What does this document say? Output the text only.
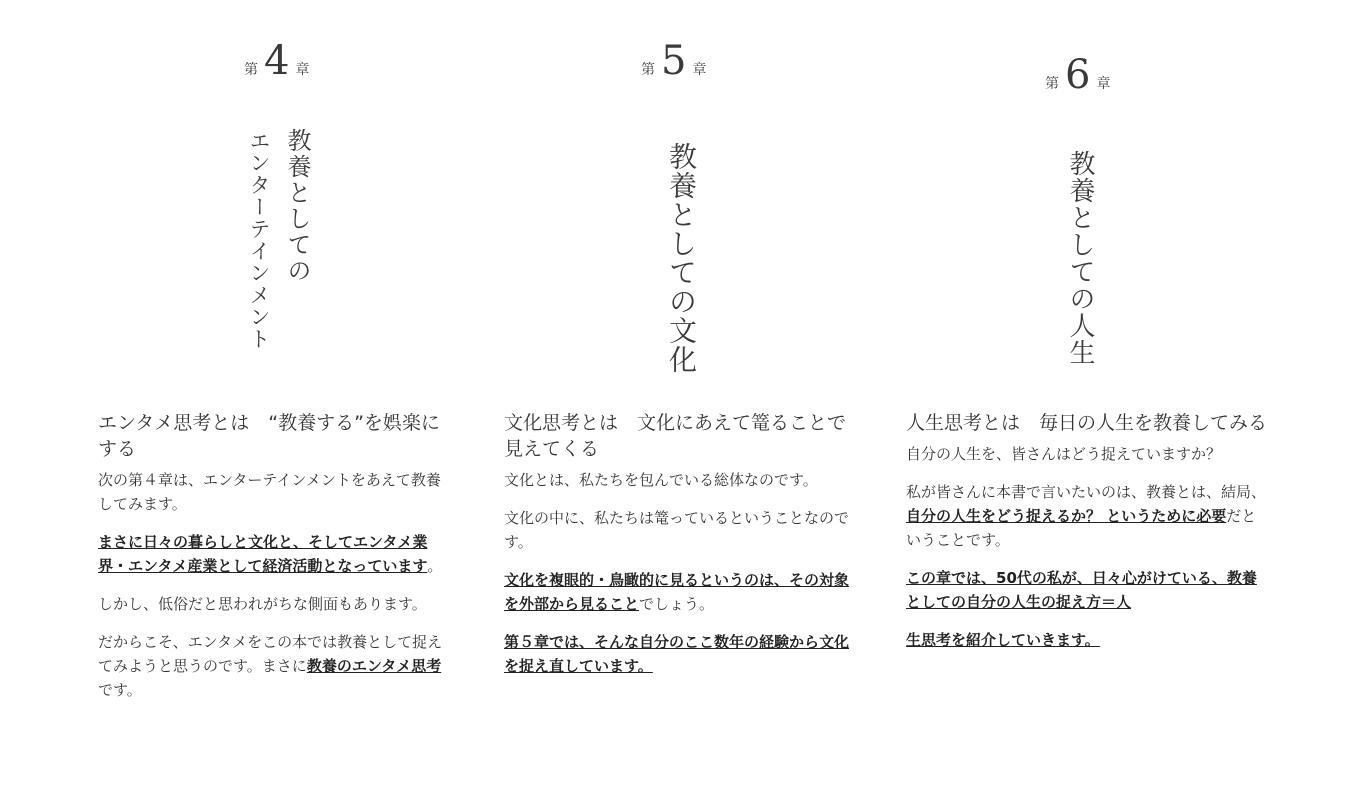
第 4 章
教養としての
エンターテインメント
エンタメ思考とは　“教養する”を娯楽にする

次の第４章は、エンターテインメントをあえて教養してみます。

まさに日々の暮らしと文化と、そしてエンタメ業界・エンタメ産業として経済活動となっています。

しかし、低俗だと思われがちな側面もあります。

だからこそ、エンタメをこの本では教養として捉えてみようと思うのです。まさに教養のエンタメ思考です。

第 5 章
教養としての文化
文化思考とは　文化にあえて篭ることで見えてくる

文化とは、私たちを包んでいる総体なのです。

文化の中に、私たちは篭っているということなのです。

文化を複眼的・鳥瞰的に見るというのは、その対象を外部から見ることでしょう。

第５章では、そんな自分のここ数年の経験から文化を捉え直しています。

第 6 章
教養としての人生
人生思考とは　毎日の人生を教養してみる

自分の人生を、皆さんはどう捉えていますか？

私が皆さんに本書で言いたいのは、教養とは、結局、自分の人生をどう捉えるか？ というために必要だということです。

この章では、50代の私が、日々心がけている、教養としての自分の人生の捉え方＝人

生思考を紹介していきます。
